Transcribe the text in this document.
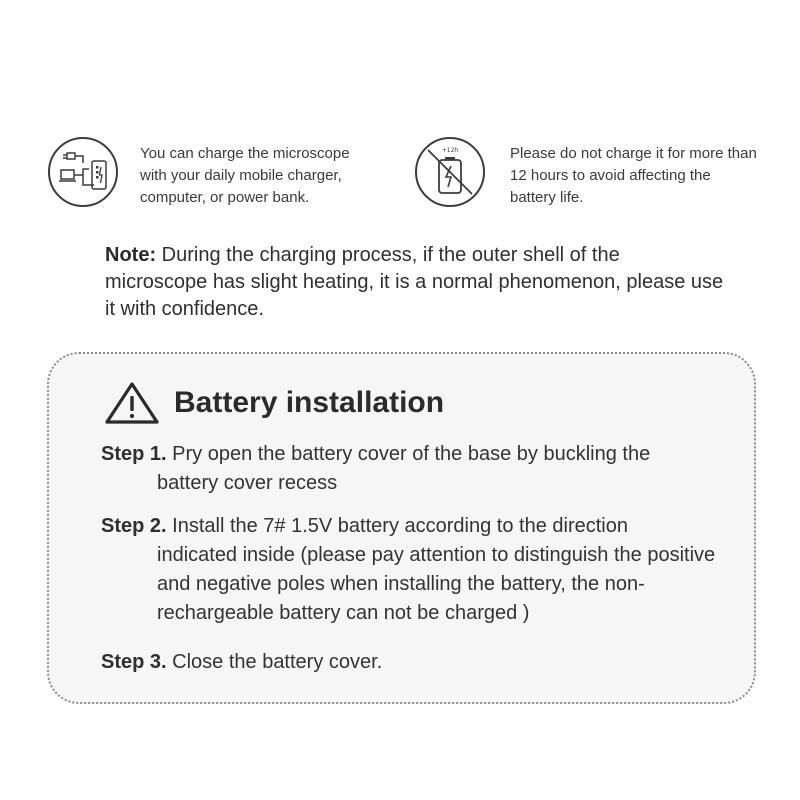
You can charge the microscope with your daily mobile charger, computer, or power bank.
+12h	Please do not charge it for more than 12 hours to avoid affecting the battery life.
Note: During the charging process, if the outer shell of the microscope has slight heating, it is a normal phenomenon, please use it with confidence.
Battery installation
Step 1. Pry open the battery cover of the base by buckling the
battery cover recess
Step 2. Install the 7# 1.5V battery according to the direction
indicated inside (please pay attention to distinguish the positive and negative poles when installing the battery, the non-rechargeable battery can not be charged )
Step 3. Close the battery cover.
